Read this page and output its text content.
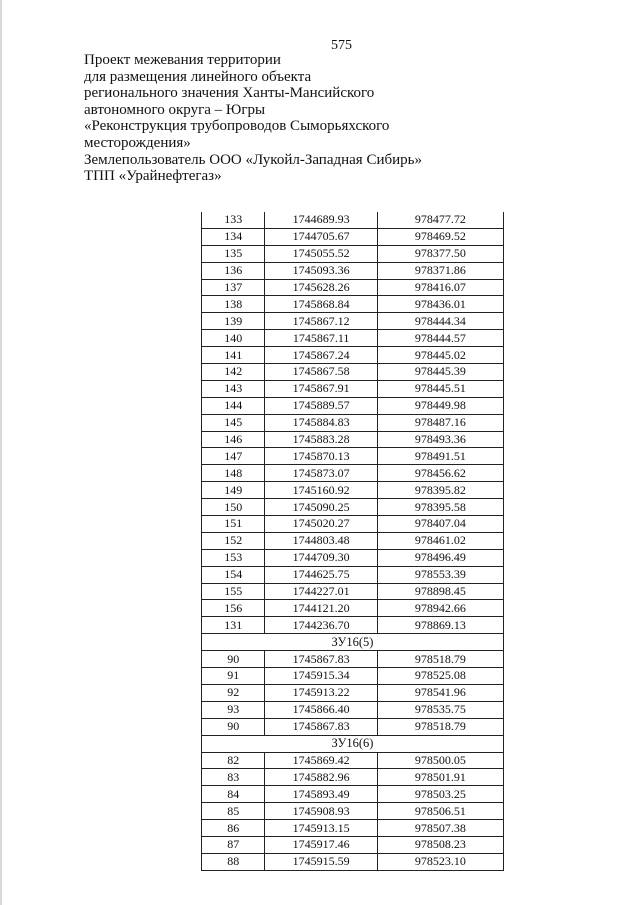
575
Проект межевания территории
для размещения линейного объекта
регионального значения Ханты-Мансийского
автономного округа – Югры
«Реконструкция трубопроводов Сыморьяхского
месторождения»
Землепользователь ООО «Лукойл-Западная Сибирь»
ТПП «Урайнефтегаз»
133	1744689.93	978477.72
134	1744705.67	978469.52
135	1745055.52	978377.50
136	1745093.36	978371.86
137	1745628.26	978416.07
138	1745868.84	978436.01
139	1745867.12	978444.34
140	1745867.11	978444.57
141	1745867.24	978445.02
142	1745867.58	978445.39
143	1745867.91	978445.51
144	1745889.57	978449.98
145	1745884.83	978487.16
146	1745883.28	978493.36
147	1745870.13	978491.51
148	1745873.07	978456.62
149	1745160.92	978395.82
150	1745090.25	978395.58
151	1745020.27	978407.04
152	1744803.48	978461.02
153	1744709.30	978496.49
154	1744625.75	978553.39
155	1744227.01	978898.45
156	1744121.20	978942.66
131	1744236.70	978869.13
ЗУ16(5)		
90	1745867.83	978518.79
91	1745915.34	978525.08
92	1745913.22	978541.96
93	1745866.40	978535.75
90	1745867.83	978518.79
ЗУ16(6)		
82	1745869.42	978500.05
83	1745882.96	978501.91
84	1745893.49	978503.25
85	1745908.93	978506.51
86	1745913.15	978507.38
87	1745917.46	978508.23
88	1745915.59	978523.10
